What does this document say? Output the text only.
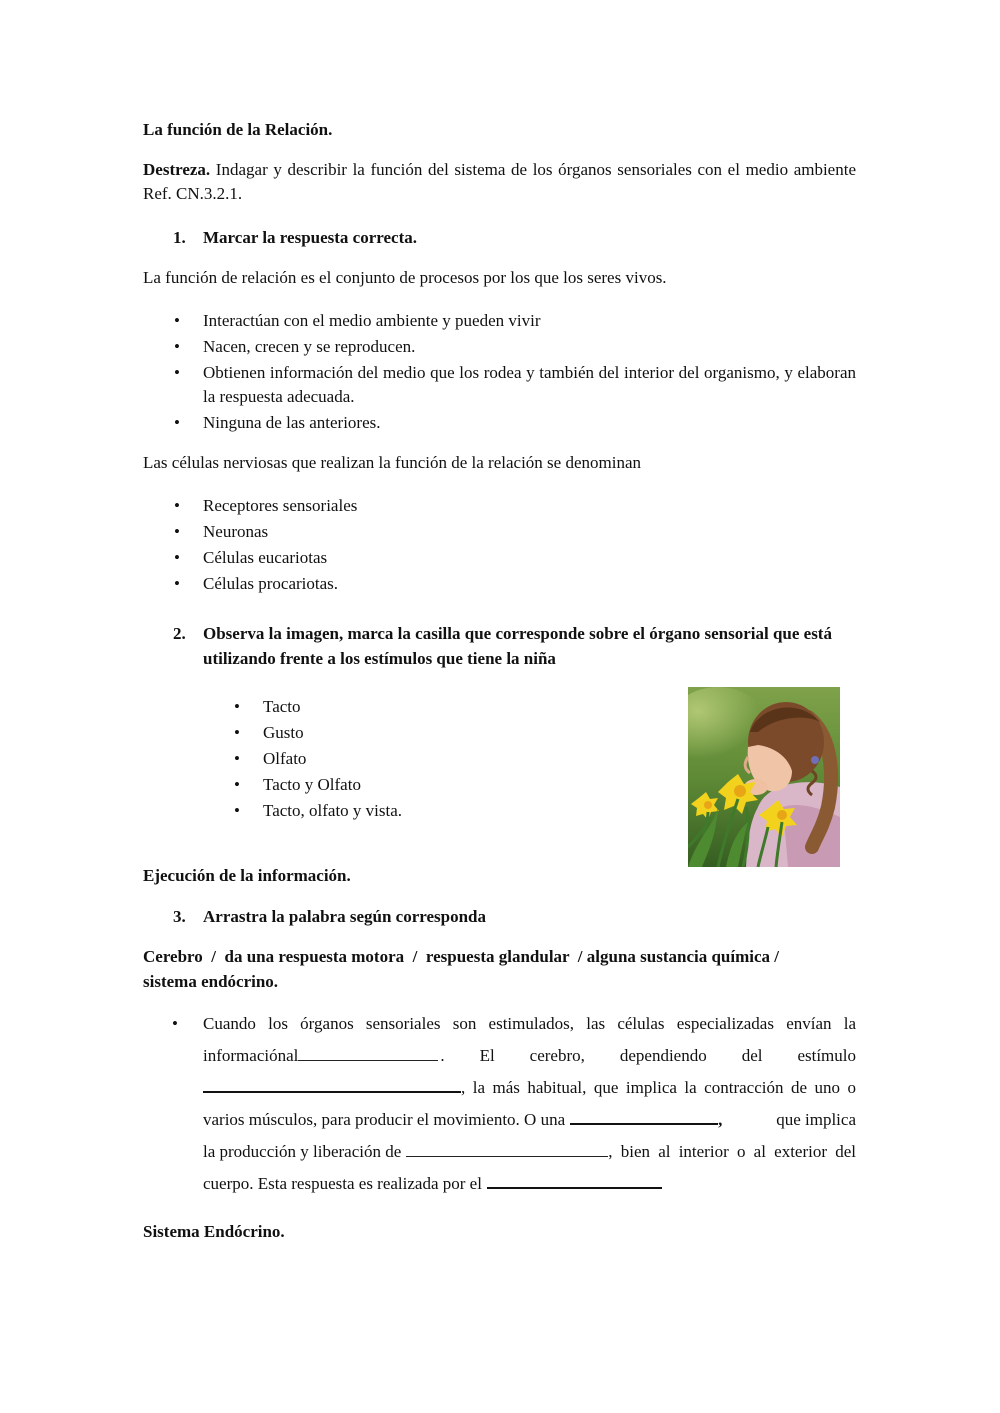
La función de la Relación.
Destreza. Indagar y describir la función del sistema de los órganos sensoriales con el medio ambiente Ref. CN.3.2.1.
1. Marcar la respuesta correcta.
La función de relación es el conjunto de procesos por los que los seres vivos.
• Interactúan con el medio ambiente y pueden vivir
• Nacen, crecen y se reproducen.
• Obtienen información del medio que los rodea y también del interior del organismo, y elaboran la respuesta adecuada.
• Ninguna de las anteriores.
Las células nerviosas que realizan la función de la relación se denominan
• Receptores sensoriales
• Neuronas
• Células eucariotas
• Células procariotas.
2. Observa la imagen, marca la casilla que corresponde sobre el órgano sensorial que está utilizando frente a los estímulos que tiene la niña
• Tacto
• Gusto
• Olfato
• Tacto y Olfato
• Tacto, olfato y vista.
Ejecución de la información.
3. Arrastra la palabra según corresponda
Cerebro  /  da una respuesta motora  /  respuesta glandular  / alguna sustancia química /
sistema endócrino.
• Cuando los órganos sensoriales son estimulados, las células especializadas envían la
información al	. El cerebro, dependiendo del estímulo
, la más habitual, que implica la contracción de uno o
varios músculos, para producir el movimiento. O una	,	que implica
la producción y liberación de	, bien al interior o al exterior del
cuerpo. Esta respuesta es realizada por el
Sistema Endócrino.
